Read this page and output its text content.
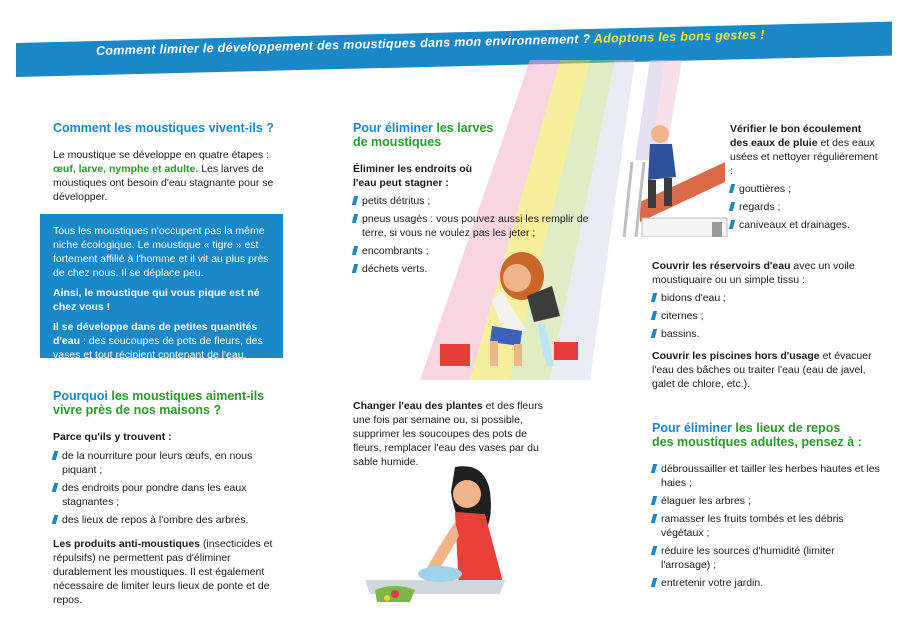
Comment limiter le développement des moustiques dans mon environnement ? Adoptons les bons gestes !
Comment les moustiques vivent-ils ?

Le moustique se développe en quatre étapes :
œuf, larve, nymphe et adulte. Les larves de moustiques ont besoin d'eau stagnante pour se développer.

Tous les moustiques n'occupent pas la même niche écologique. Le moustique « tigre » est fortement affilié à l'homme et il vit au plus près de chez nous. Il se déplace peu.

Ainsi, le moustique qui vous pique est né chez vous !

Il se développe dans de petites quantités d'eau : des soucoupes de pots de fleurs, des vases et tout récipient contenant de l'eau.

Pourquoi les moustiques aiment-ils
vivre près de nos maisons ?

Parce qu'ils y trouvent :

de la nourriture pour leurs œufs, en nous piquant ;
des endroits pour pondre dans les eaux stagnantes ;
des lieux de repos à l'ombre des arbres.

Les produits anti-moustiques (insecticides et répulsifs) ne permettent pas d'éliminer durablement les moustiques. Il est également nécessaire de limiter leurs lieux de ponte et de repos.

Pour éliminer les larves
de moustiques

Éliminer les endroits où l'eau peut stagner :

petits détritus ;
pneus usagés : vous pouvez aussi les remplir de terre, si vous ne voulez pas les jeter ;
encombrants ;
déchets verts.

Changer l'eau des plantes et des fleurs une fois par semaine ou, si possible, supprimer les soucoupes des pots de fleurs, remplacer l'eau des vases par du sable humide.

Vérifier le bon écoulement des eaux de pluie et des eaux usées et nettoyer régulièrement :

gouttières ;
regards ;
caniveaux et drainages.

Couvrir les réservoirs d'eau avec un voile moustiquaire ou un simple tissu :

bidons d'eau ;
citernes ;
bassins.

Couvrir les piscines hors d'usage et évacuer l'eau des bâches ou traiter l'eau (eau de javel, galet de chlore, etc.).

Pour éliminer les lieux de repos
des moustiques adultes, pensez à :
débroussailler et tailler les herbes hautes et les haies ;
élaguer les arbres ;
ramasser les fruits tombés et les débris végétaux ;
réduire les sources d'humidité (limiter l'arrosage) ;
entretenir votre jardin.
